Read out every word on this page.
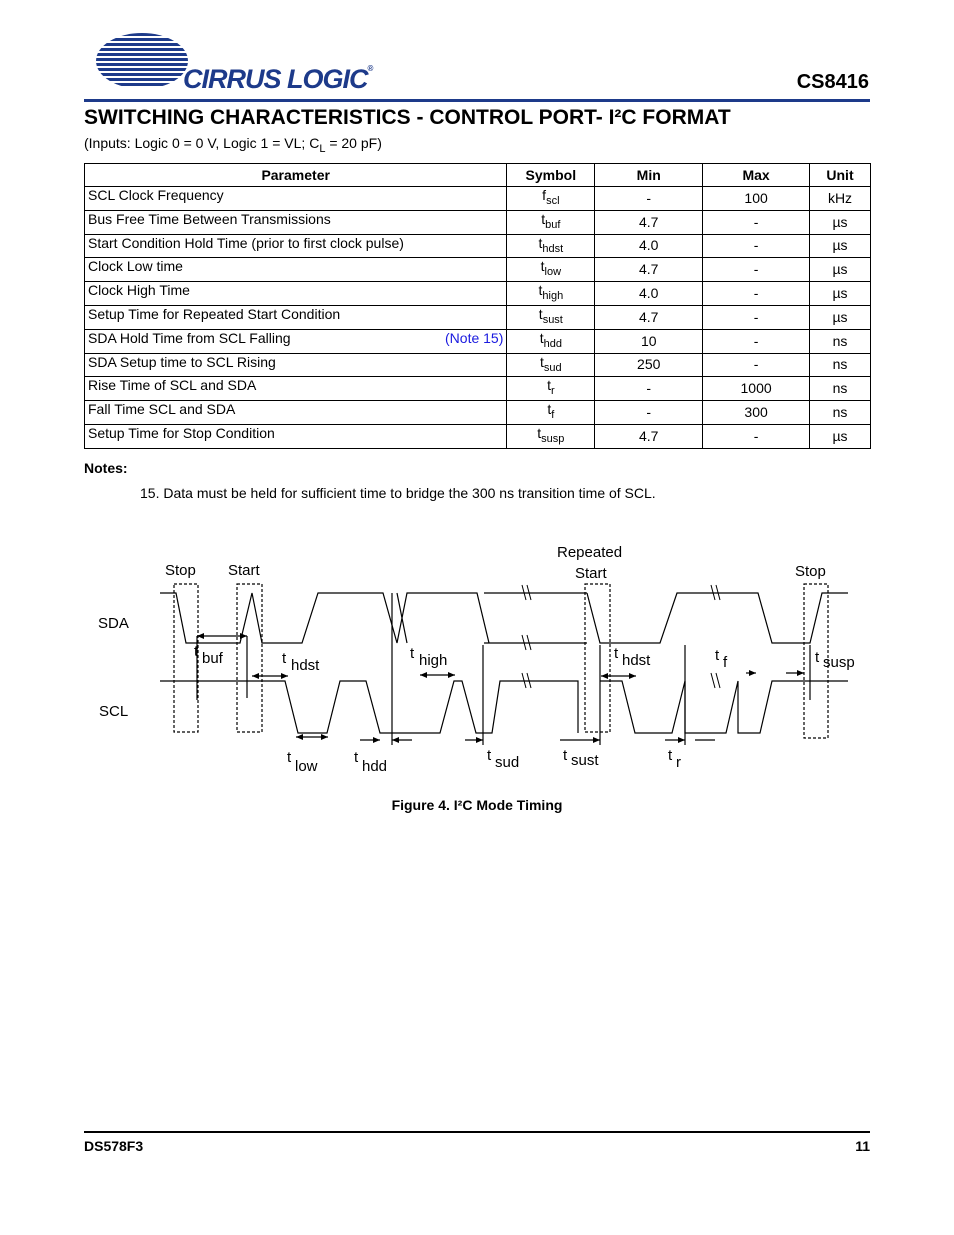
CIRRUS LOGIC®
CS8416
SWITCHING CHARACTERISTICS - CONTROL PORT- I²C FORMAT
(Inputs: Logic 0 = 0 V, Logic 1 = VL; $C_L = 20$ pF)
Parameter	Symbol	Min	Max	Unit
SCL Clock Frequency	$f_{scl}$	-	100	kHz
Bus Free Time Between Transmissions	$t_{buf}$	4.7	-	µs
Start Condition Hold Time (prior to first clock pulse)	$t_{hdst}$	4.0	-	µs
Clock Low time	$t_{low}$	4.7	-	µs
Clock High Time	$t_{high}$	4.0	-	µs
Setup Time for Repeated Start Condition	$t_{sust}$	4.7	-	µs
SDA Hold Time from SCL Falling (Note 15)	$t_{hdd}$	10	-	ns
SDA Setup time to SCL Rising	$t_{sud}$	250	-	ns
Rise Time of SCL and SDA	$t_r$	-	1000	ns
Fall Time SCL and SDA	$t_f$	-	300	ns
Setup Time for Stop Condition	$t_{susp}$	4.7	-	µs
Notes:
15. Data must be held for sufficient time to bridge the 300 ns transition time of SCL.
Stop Start
Repeated
Start	Stop
SDA
SCL
t buf	t hdst
t high	t hdst	t f	t susp
t
low
t
hdd
t sud	t sust	t r
Figure 4. I²C Mode Timing
DS578F3	11
